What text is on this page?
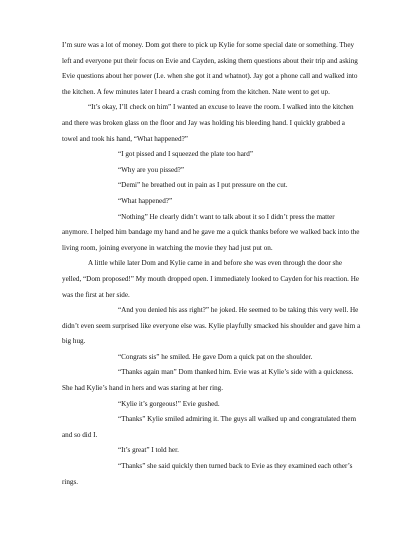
I’m sure was a lot of money. Dom got there to pick up Kylie for some special date or something. They left and everyone put their focus on Evie and Cayden, asking them questions about their trip and asking Evie questions about her power (I.e. when she got it and whatnot). Jay got a phone call and walked into the kitchen. A few minutes later I heard a crash coming from the kitchen. Nate went to get up.

“It’s okay, I’ll check on him” I wanted an excuse to leave the room. I walked into the kitchen and there was broken glass on the floor and Jay was holding his bleeding hand. I quickly grabbed a towel and took his hand, “What happened?”

“I got pissed and I squeezed the plate too hard”

“Why are you pissed?”

“Demi” he breathed out in pain as I put pressure on the cut.

“What happened?”

“Nothing” He clearly didn’t want to talk about it so I didn’t press the matter anymore. I helped him bandage my hand and he gave me a quick thanks before we walked back into the living room, joining everyone in watching the movie they had just put on.

A little while later Dom and Kylie came in and before she was even through the door she yelled, “Dom proposed!” My mouth dropped open. I immediately looked to Cayden for his reaction. He was the first at her side.

“And you denied his ass right?” he joked. He seemed to be taking this very well. He didn’t even seem surprised like everyone else was. Kylie playfully smacked his shoulder and gave him a big hug.

“Congrats sis” he smiled. He gave Dom a quick pat on the shoulder.

“Thanks again man” Dom thanked him. Evie was at Kylie’s side with a quickness. She had Kylie’s hand in hers and was staring at her ring.

“Kylie it’s gorgeous!” Evie gushed.

“Thanks” Kylie smiled admiring it. The guys all walked up and congratulated them and so did I.

“It’s great” I told her.

“Thanks” she said quickly then turned back to Evie as they examined each other’s rings.
